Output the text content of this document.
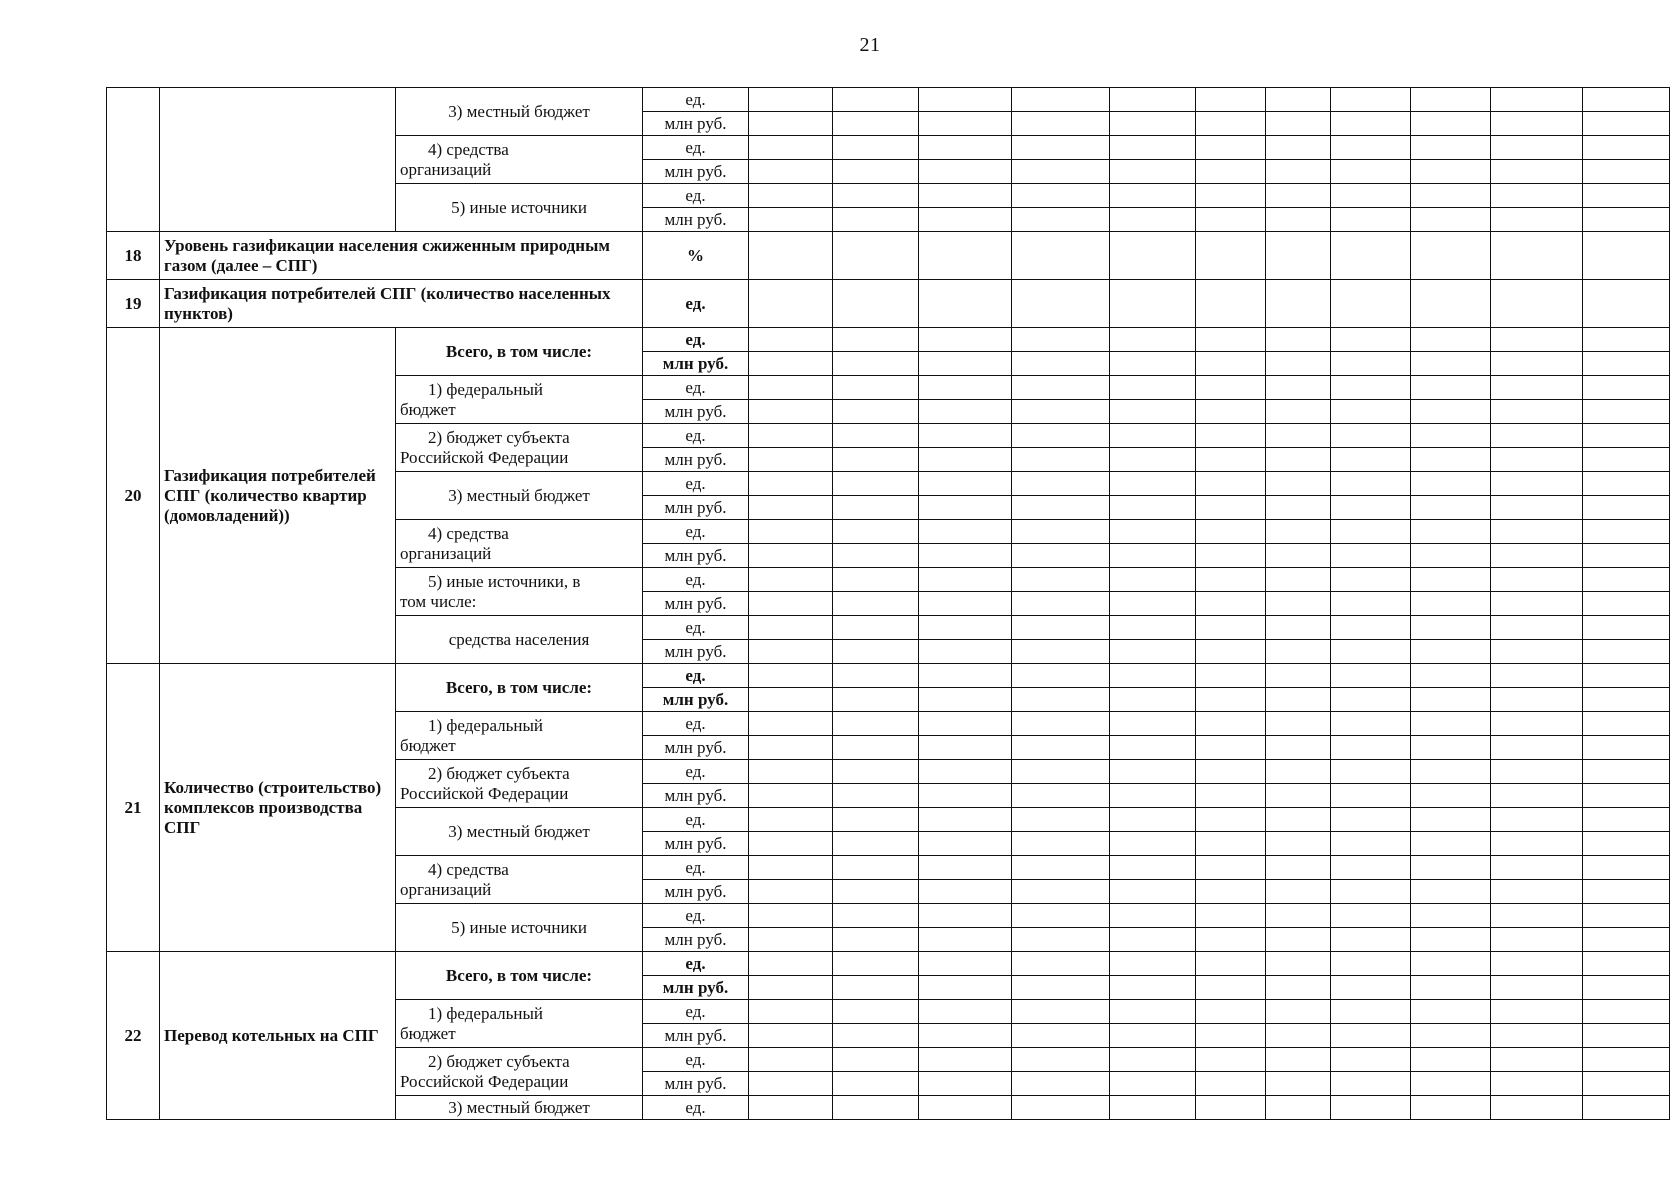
21
		3) местный бюджет	ед.											
			млн руб.											

		4) средства
организаций	ед.											
			млн руб.											
		5) иные источники	ед.											
			млн руб.											
18	Уровень газификации населения сжиженным природным газом (далее – СПГ)		%											
19	Газификация потребителей СПГ (количество населенных пунктов)		ед.											
20	Газификация потребителей СПГ (количество квартир (домовладений))	Всего, в том числе:	ед.											
			млн руб.											

		1) федеральный
бюджет	ед.											
			млн руб.											

		2) бюджет субъекта
Российской Федерации	ед.											
			млн руб.											
		3) местный бюджет	ед.											
			млн руб.											

		4) средства
организаций	ед.											
			млн руб.											

		5) иные источники, в
том числе:	ед.											
			млн руб.											
		средства населения	ед.											
			млн руб.											
21	Количество (строительство) комплексов производства СПГ	Всего, в том числе:	ед.											
			млн руб.											

		1) федеральный
бюджет	ед.											
			млн руб.											

		2) бюджет субъекта
Российской Федерации	ед.											
			млн руб.											
		3) местный бюджет	ед.											
			млн руб.											

		4) средства
организаций	ед.											
			млн руб.											
		5) иные источники	ед.											
			млн руб.											
22	Перевод котельных на СПГ	Всего, в том числе:	ед.											
			млн руб.											

		1) федеральный
бюджет	ед.											
			млн руб.											

		2) бюджет субъекта
Российской Федерации	ед.											
			млн руб.											
		3) местный бюджет	ед.											
